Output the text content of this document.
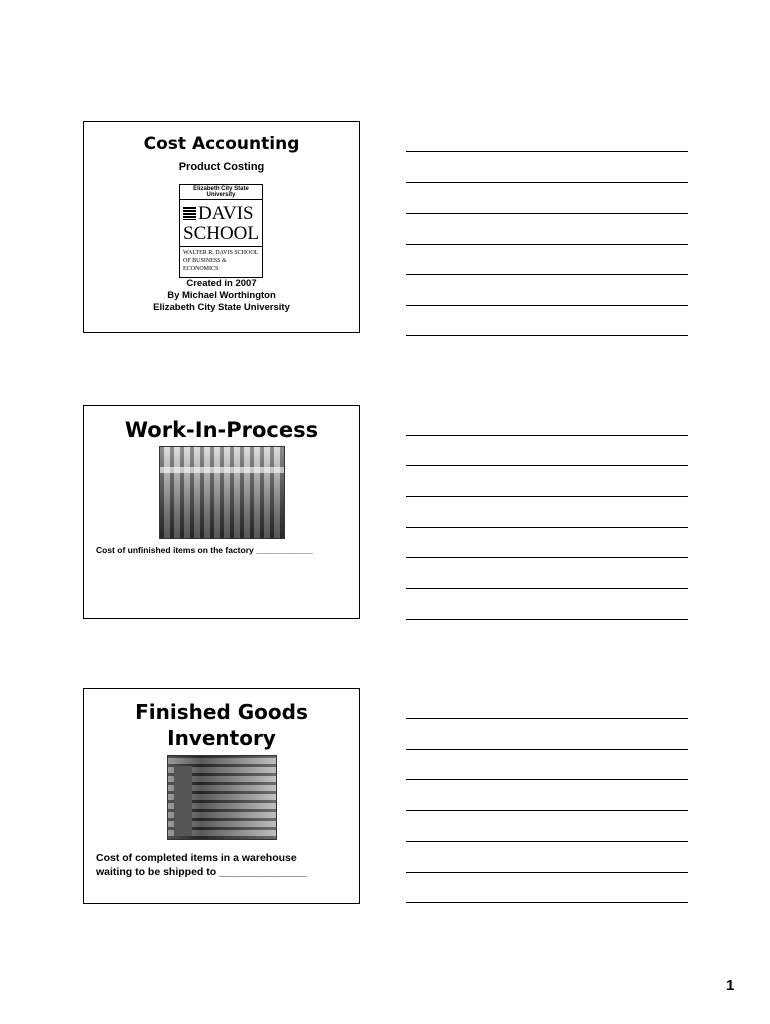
Cost Accounting
Product Costing
Elizabeth City State University
DAVIS
SCHOOL
WALTER R. DAVIS SCHOOL
OF BUSINESS & ECONOMICS
Created in 2007
By Michael Worthington
Elizabeth City State University
Work-In-Process
Cost of unfinished items on the factory ____________
Finished Goods
Inventory
Cost of completed items in a warehouse
waiting to be shipped to _______________
1
